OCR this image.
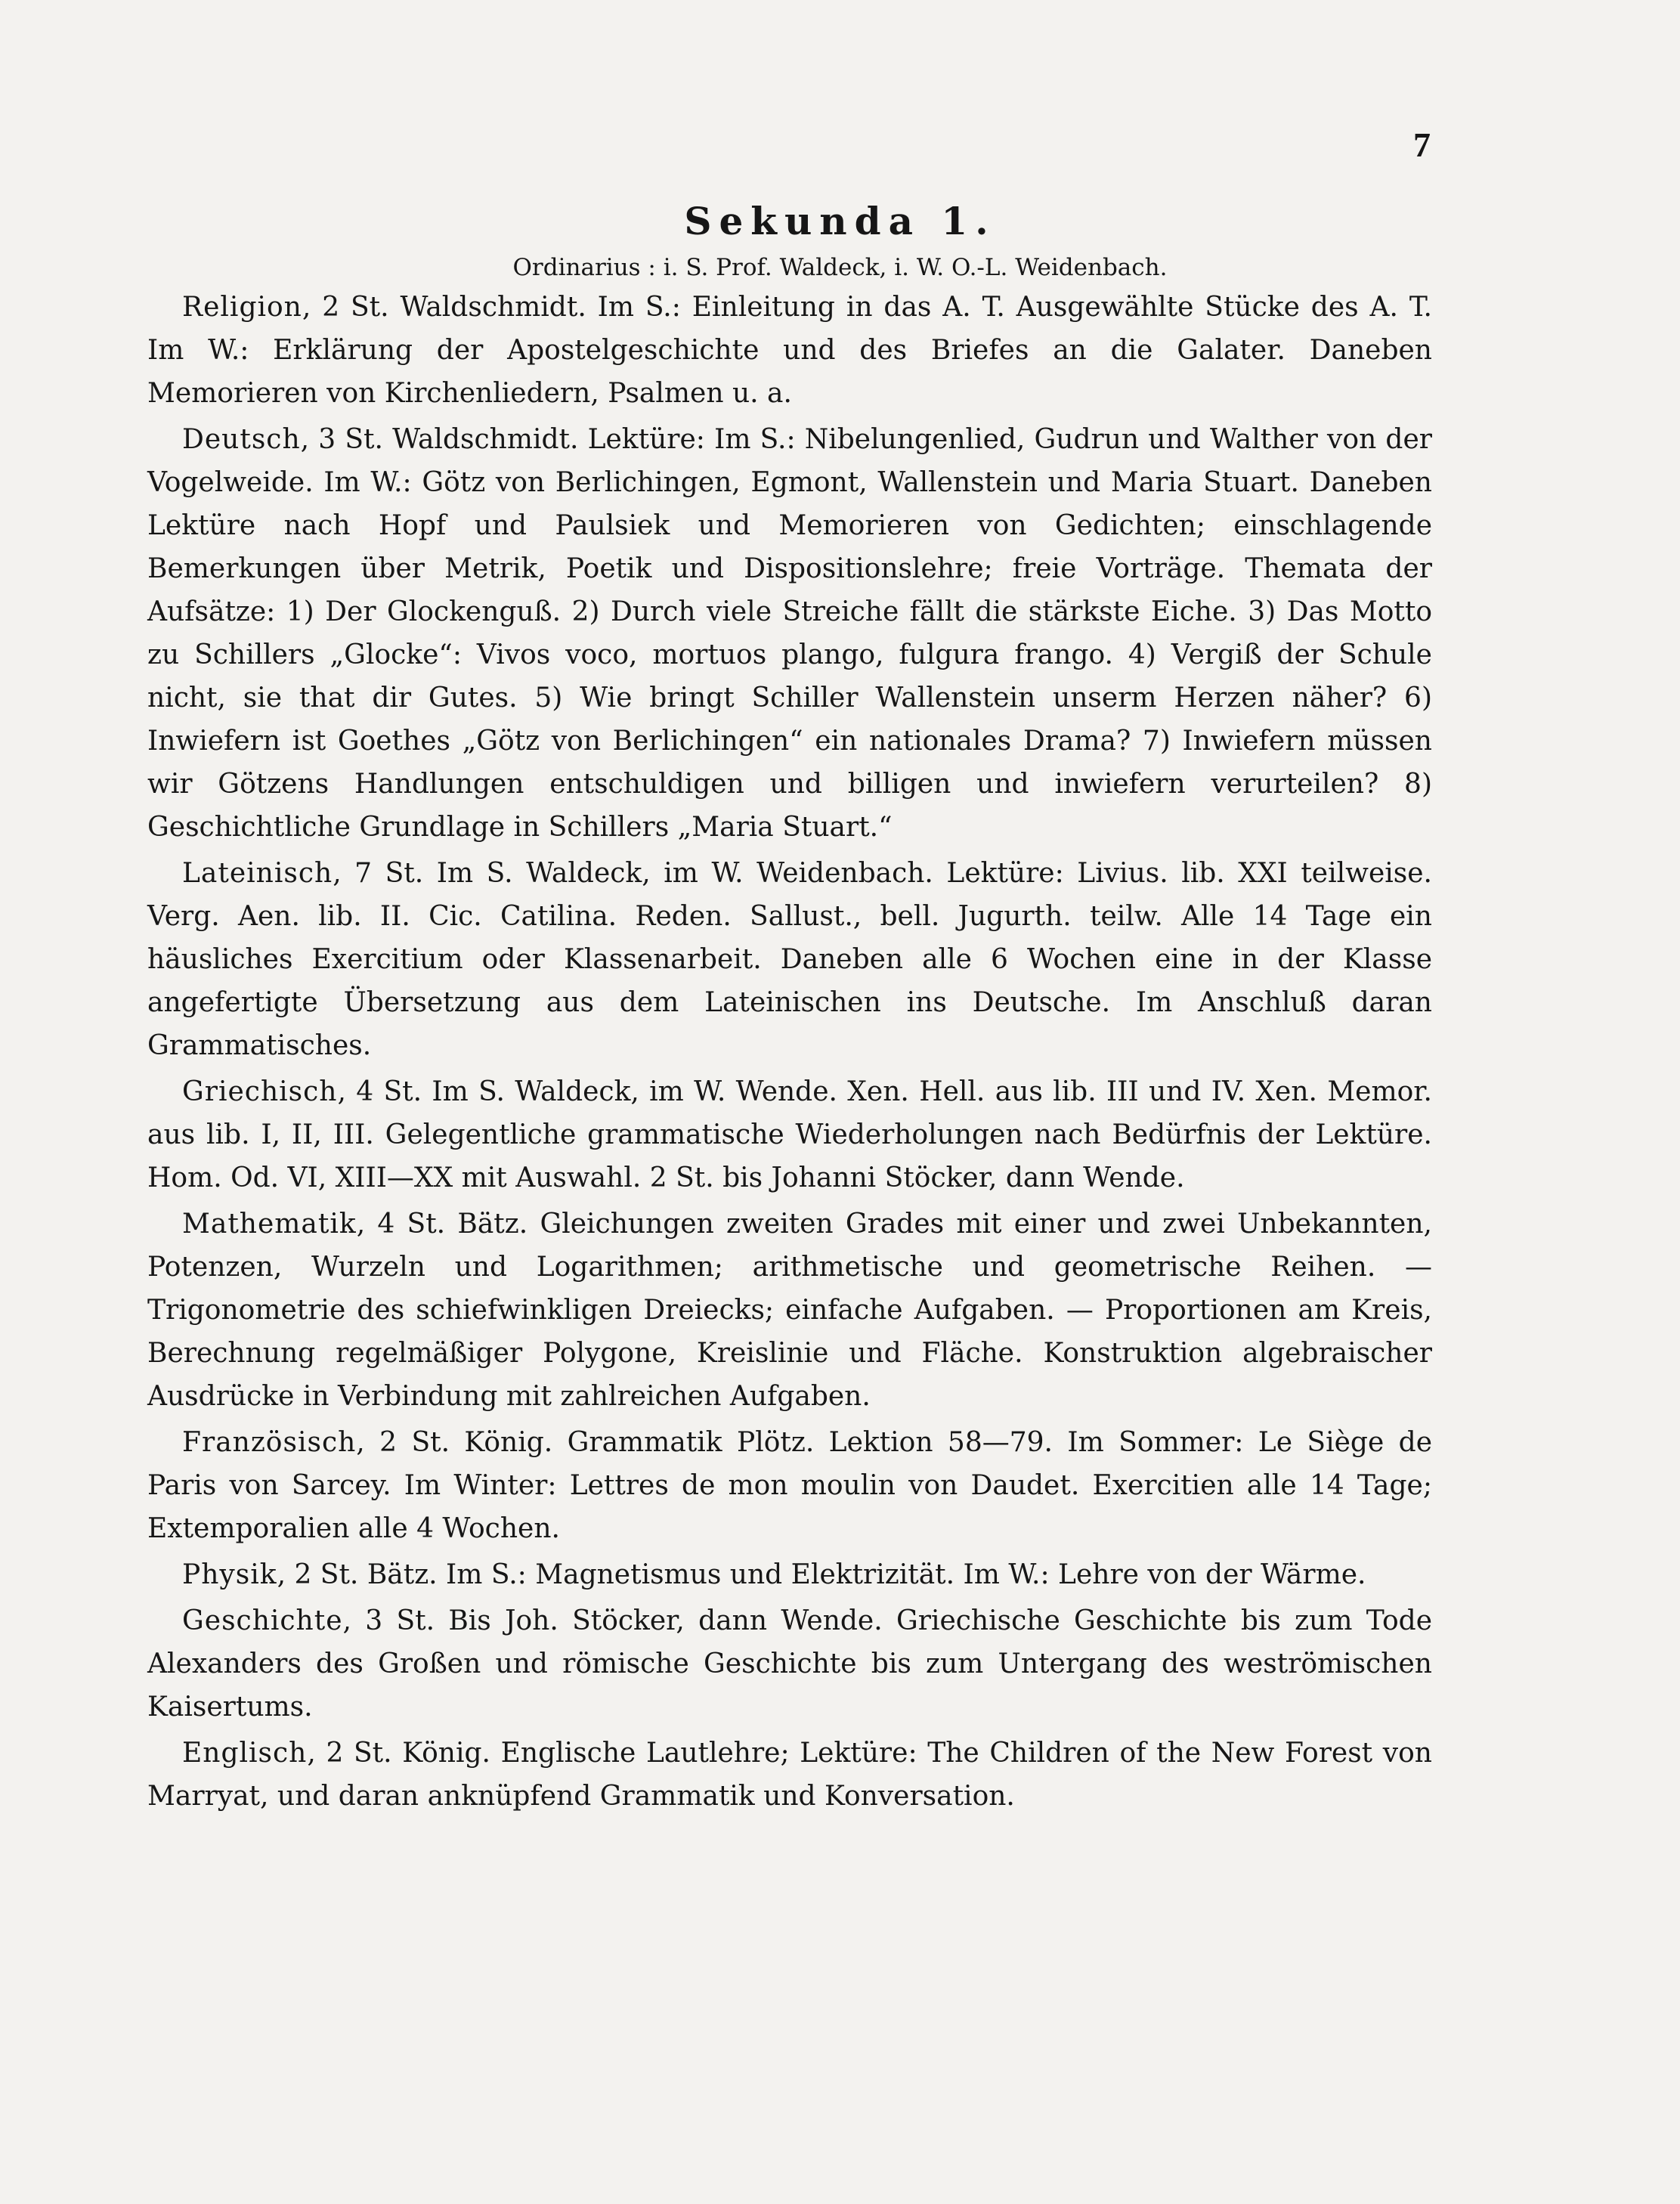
7
Sekunda 1.
Ordinarius : i. S. Prof. Waldeck, i. W. O.-L. Weidenbach.

Religion, 2 St. Waldschmidt. Im S.: Einleitung in das A. T. Ausgewählte Stücke des A. T. Im W.: Erklärung der Apostelgeschichte und des Briefes an die Galater. Daneben Memorieren von Kirchenliedern, Psalmen u. a.

Deutsch, 3 St. Waldschmidt. Lektüre: Im S.: Nibelungenlied, Gudrun und Walther von der Vogelweide. Im W.: Götz von Berlichingen, Egmont, Wallenstein und Maria Stuart. Daneben Lektüre nach Hopf und Paulsiek und Memorieren von Gedichten; einschlagende Bemerkungen über Metrik, Poetik und Dispositionslehre; freie Vorträge. Themata der Aufsätze: 1) Der Glockenguß. 2) Durch viele Streiche fällt die stärkste Eiche. 3) Das Motto zu Schillers „Glocke“: Vivos voco, mortuos plango, fulgura frango. 4) Vergiß der Schule nicht, sie that dir Gutes. 5) Wie bringt Schiller Wallenstein unserm Herzen näher? 6) Inwiefern ist Goethes „Götz von Berlichingen“ ein nationales Drama? 7) Inwiefern müssen wir Götzens Handlungen entschuldigen und billigen und inwiefern verurteilen? 8) Geschichtliche Grundlage in Schillers „Maria Stuart.“

Lateinisch, 7 St. Im S. Waldeck, im W. Weidenbach. Lektüre: Livius. lib. XXI teilweise. Verg. Aen. lib. II. Cic. Catilina. Reden. Sallust., bell. Jugurth. teilw. Alle 14 Tage ein häusliches Exercitium oder Klassenarbeit. Daneben alle 6 Wochen eine in der Klasse angefertigte Übersetzung aus dem Lateinischen ins Deutsche. Im Anschluß daran Grammatisches.

Griechisch, 4 St. Im S. Waldeck, im W. Wende. Xen. Hell. aus lib. III und IV. Xen. Memor. aus lib. I, II, III. Gelegentliche grammatische Wiederholungen nach Bedürfnis der Lektüre. Hom. Od. VI, XIII—XX mit Auswahl. 2 St. bis Johanni Stöcker, dann Wende.

Mathematik, 4 St. Bätz. Gleichungen zweiten Grades mit einer und zwei Unbekannten, Potenzen, Wurzeln und Logarithmen; arithmetische und geometrische Reihen. — Trigonometrie des schiefwinkligen Dreiecks; einfache Aufgaben. — Proportionen am Kreis, Berechnung regelmäßiger Polygone, Kreislinie und Fläche. Konstruktion algebraischer Ausdrücke in Verbindung mit zahlreichen Aufgaben.

Französisch, 2 St. König. Grammatik Plötz. Lektion 58—79. Im Sommer: Le Siège de Paris von Sarcey. Im Winter: Lettres de mon moulin von Daudet. Exercitien alle 14 Tage; Extemporalien alle 4 Wochen.

Physik, 2 St. Bätz. Im S.: Magnetismus und Elektrizität. Im W.: Lehre von der Wärme.

Geschichte, 3 St. Bis Joh. Stöcker, dann Wende. Griechische Geschichte bis zum Tode Alexanders des Großen und römische Geschichte bis zum Untergang des weströmischen Kaisertums.

Englisch, 2 St. König. Englische Lautlehre; Lektüre: The Children of the New Forest von Marryat, und daran anknüpfend Grammatik und Konversation.
